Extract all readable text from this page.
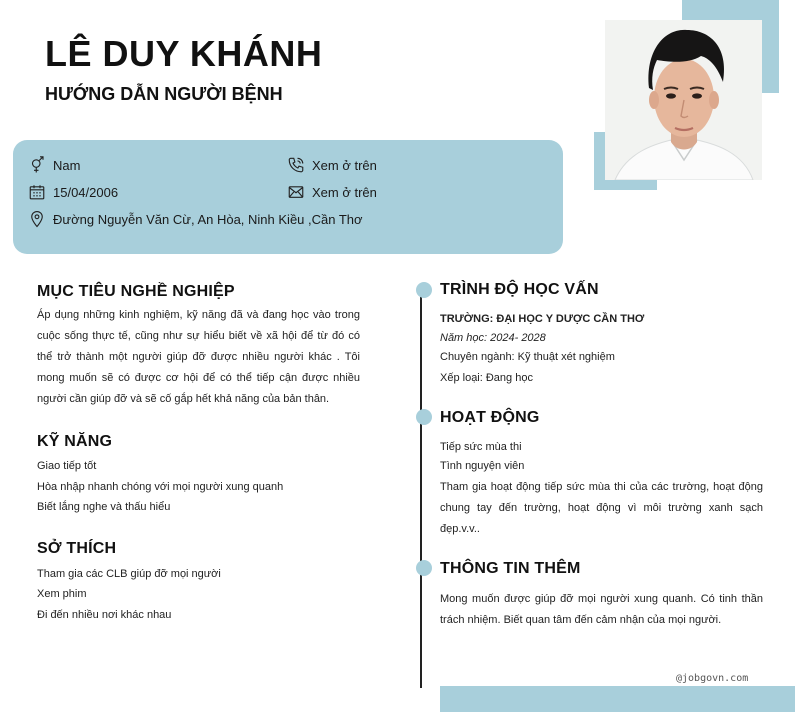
LÊ DUY KHÁNH
HƯỚNG DẪN NGƯỜI BỆNH
Nam
15/04/2006
Đường Nguyễn Văn Cừ, An Hòa, Ninh Kiều ,Cần Thơ
Xem ở trên
Xem ở trên
MỤC TIÊU NGHỀ NGHIỆP
Áp dụng những kinh nghiệm, kỹ năng đã và đang học vào trong cuộc sống thực tế, cũng như sự hiểu biết về xã hội để từ đó có thể trở thành một người giúp đỡ được nhiều người khác . Tôi mong muốn sẽ có được cơ hội để có thể tiếp cận được nhiều người cần giúp đỡ và sẽ cố gắp hết khả năng của bản thân.
KỸ NĂNG
Giao tiếp tốt
Hòa nhập nhanh chóng với mọi người xung quanh
Biết lắng nghe và thấu hiểu
SỞ THÍCH
Tham gia các CLB giúp đỡ mọi người
Xem phim
Đi đến nhiều nơi khác nhau
TRÌNH ĐỘ HỌC VẤN
TRƯỜNG: ĐẠI HỌC Y DƯỢC CẦN THƠ
Năm học: 2024- 2028
Chuyên ngành: Kỹ thuật xét nghiệm
Xếp loại: Đang học
HOẠT ĐỘNG
Tiếp sức mùa thi
Tình nguyện viên
Tham gia hoạt động tiếp sức mùa thi của các trường, hoạt động chung tay đến trường, hoạt động vì môi trường xanh sạch đẹp.v.v..
THÔNG TIN THÊM
Mong muốn được giúp đỡ mọi người xung quanh. Có tinh thần trách nhiệm. Biết quan tâm đến cảm nhận của mọi người.
@jobgovn.com
